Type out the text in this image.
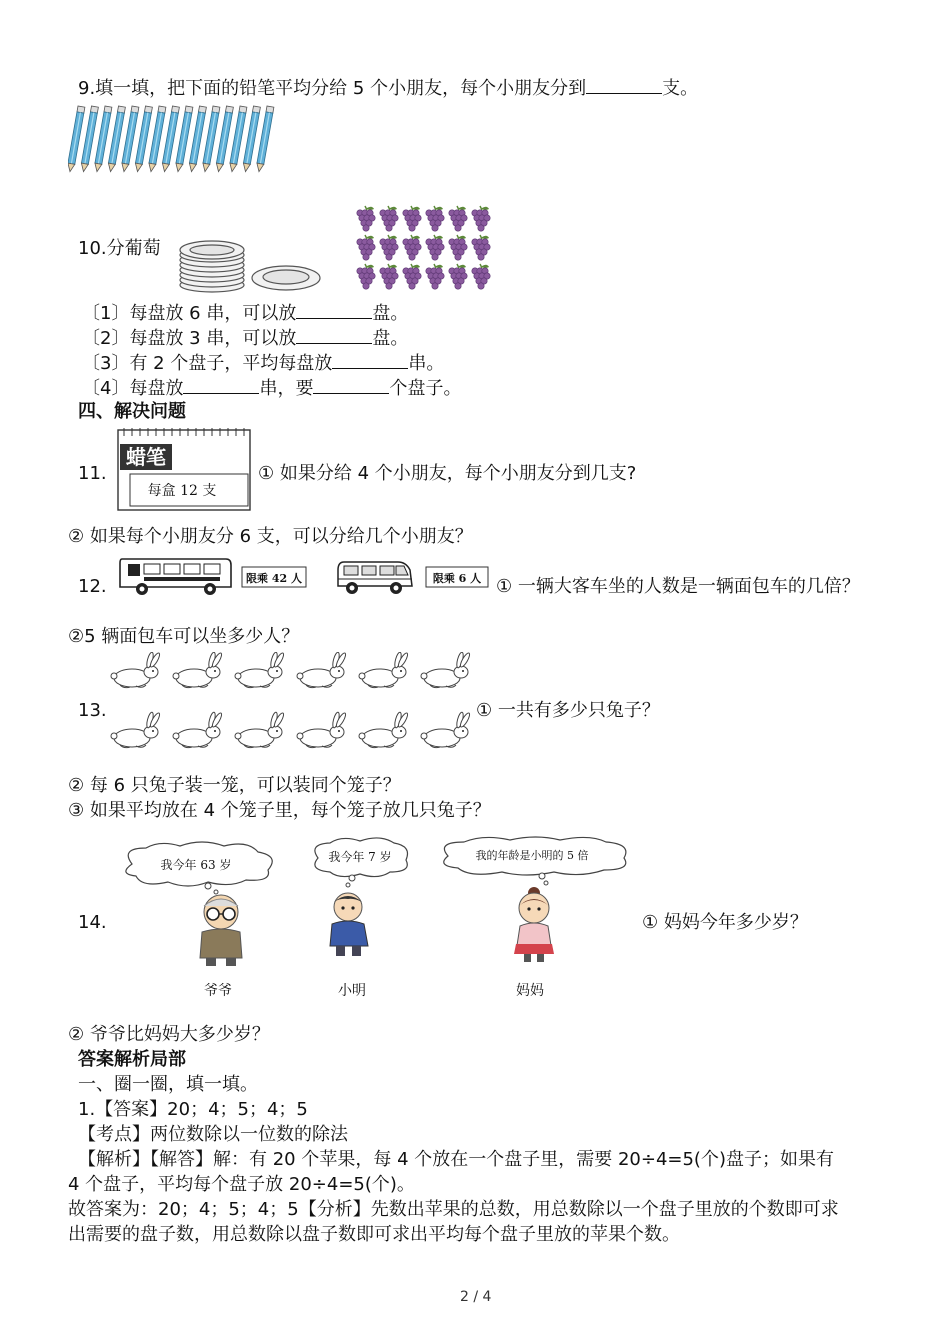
9.填一填，把下面的铅笔平均分给 5 个小朋友，每个小朋友分到	支。
10.分葡萄
〔1〕每盘放 6 串，可以放	盘。
〔2〕每盘放 3 串，可以放	盘。
〔3〕有 2 个盘子，平均每盘放	串。
〔4〕每盘放	串，要	个盘子。
四、解决问题
11.
蜡笔
每盒 12 支
① 如果分给 4 个小朋友，每个小朋友分到几支?
② 如果每个小朋友分 6 支，可以分给几个小朋友？
12.	限乘 42 人	限乘 6 人 ① 一辆大客车坐的人数是一辆面包车的几倍？
②5 辆面包车可以坐多少人？
13.	① 一共有多少只兔子？
② 每 6 只兔子装一笼，可以装同个笼子？
③ 如果平均放在 4 个笼子里，每个笼子放几只兔子？
14.
我今年 63 岁
我今年 7 岁	我的年龄是小明的 5 倍
爷爷	小明	妈妈
① 妈妈今年多少岁？
② 爷爷比妈妈大多少岁？
答案解析局部
一、圈一圈，填一填。
1.【答案】20；4；5；4；5
【考点】两位数除以一位数的除法
【解析】【解答】解：有 20 个苹果，每 4 个放在一个盘子里，需要 20÷4=5(个)盘子；如果有
4 个盘子，平均每个盘子放 20÷4=5(个)。
故答案为：20；4；5；4；5【分析】先数出苹果的总数，用总数除以一个盘子里放的个数即可求
出需要的盘子数，用总数除以盘子数即可求出平均每个盘子里放的苹果个数。
2 / 4
